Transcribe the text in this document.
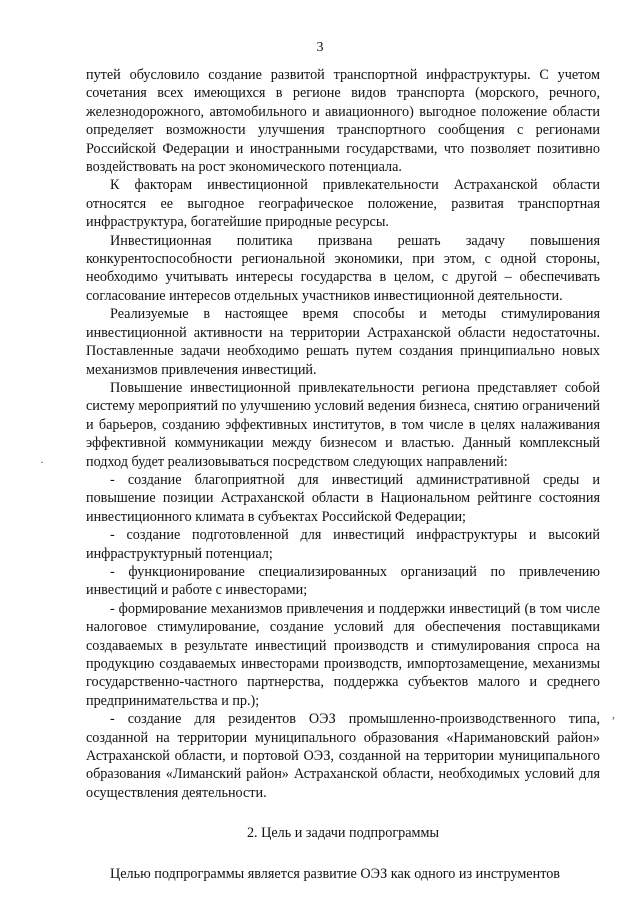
3

путей обусловило создание развитой транспортной инфраструктуры. С учетом сочетания всех имеющихся в регионе видов транспорта (морского, речного, железнодорожного, автомобильного и авиационного) выгодное положение области определяет возможности улучшения транспортного сообщения с регионами Российской Федерации и иностранными государствами, что позволяет позитивно воздействовать на рост экономического потенциала.

К факторам инвестиционной привлекательности Астраханской области относятся ее выгодное географическое положение, развитая транспортная инфраструктура, богатейшие природные ресурсы.

Инвестиционная политика призвана решать задачу повышения конкурентоспособности региональной экономики, при этом, с одной стороны, необходимо учитывать интересы государства в целом, с другой – обеспечивать согласование интересов отдельных участников инвестиционной деятельности.

Реализуемые в настоящее время способы и методы стимулирования инвестиционной активности на территории Астраханской области недостаточны. Поставленные задачи необходимо решать путем создания принципиально новых механизмов привлечения инвестиций.

Повышение инвестиционной привлекательности региона представляет собой систему мероприятий по улучшению условий ведения бизнеса, снятию ограничений и барьеров, созданию эффективных институтов, в том числе в целях налаживания эффективной коммуникации между бизнесом и властью. Данный комплексный подход будет реализовываться посредством следующих направлений:

- создание благоприятной для инвестиций административной среды и повышение позиции Астраханской области в Национальном рейтинге состояния инвестиционного климата в субъектах Российской Федерации;

- создание подготовленной для инвестиций инфраструктуры и высокий инфраструктурный потенциал;

- функционирование специализированных организаций по привлечению инвестиций и работе с инвесторами;

- формирование механизмов привлечения и поддержки инвестиций (в том числе налоговое стимулирование, создание условий для обеспечения поставщиками создаваемых в результате инвестиций производств и стимулирования спроса на продукцию создаваемых инвесторами производств, импортозамещение, механизмы государственно-частного партнерства, поддержка субъектов малого и среднего предпринимательства и пр.);

- создание для резидентов ОЭЗ промышленно-производственного типа, созданной на территории муниципального образования «Наримановский район» Астраханской области, и портовой ОЭЗ, созданной на территории муниципального образования «Лиманский район» Астраханской области, необходимых условий для осуществления деятельности.

2. Цель и задачи подпрограммы

Целью подпрограммы является развитие ОЭЗ как одного из инструментов

·
,
